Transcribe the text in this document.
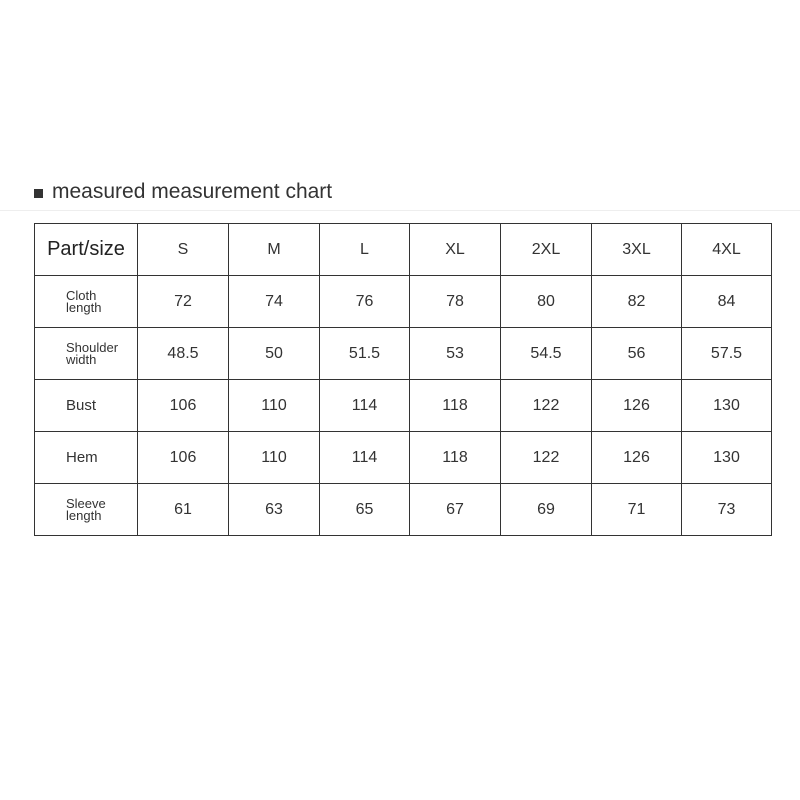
measured measurement chart
Part/size	S	M	L	XL	2XL	3XL	4XL
Cloth
length	72	74	76	78	80	82	84
Shoulder
width	48.5	50	51.5	53	54.5	56	57.5
Bust	106	110	114	118	122	126	130
Hem	106	110	114	118	122	126	130
Sleeve
length	61	63	65	67	69	71	73
